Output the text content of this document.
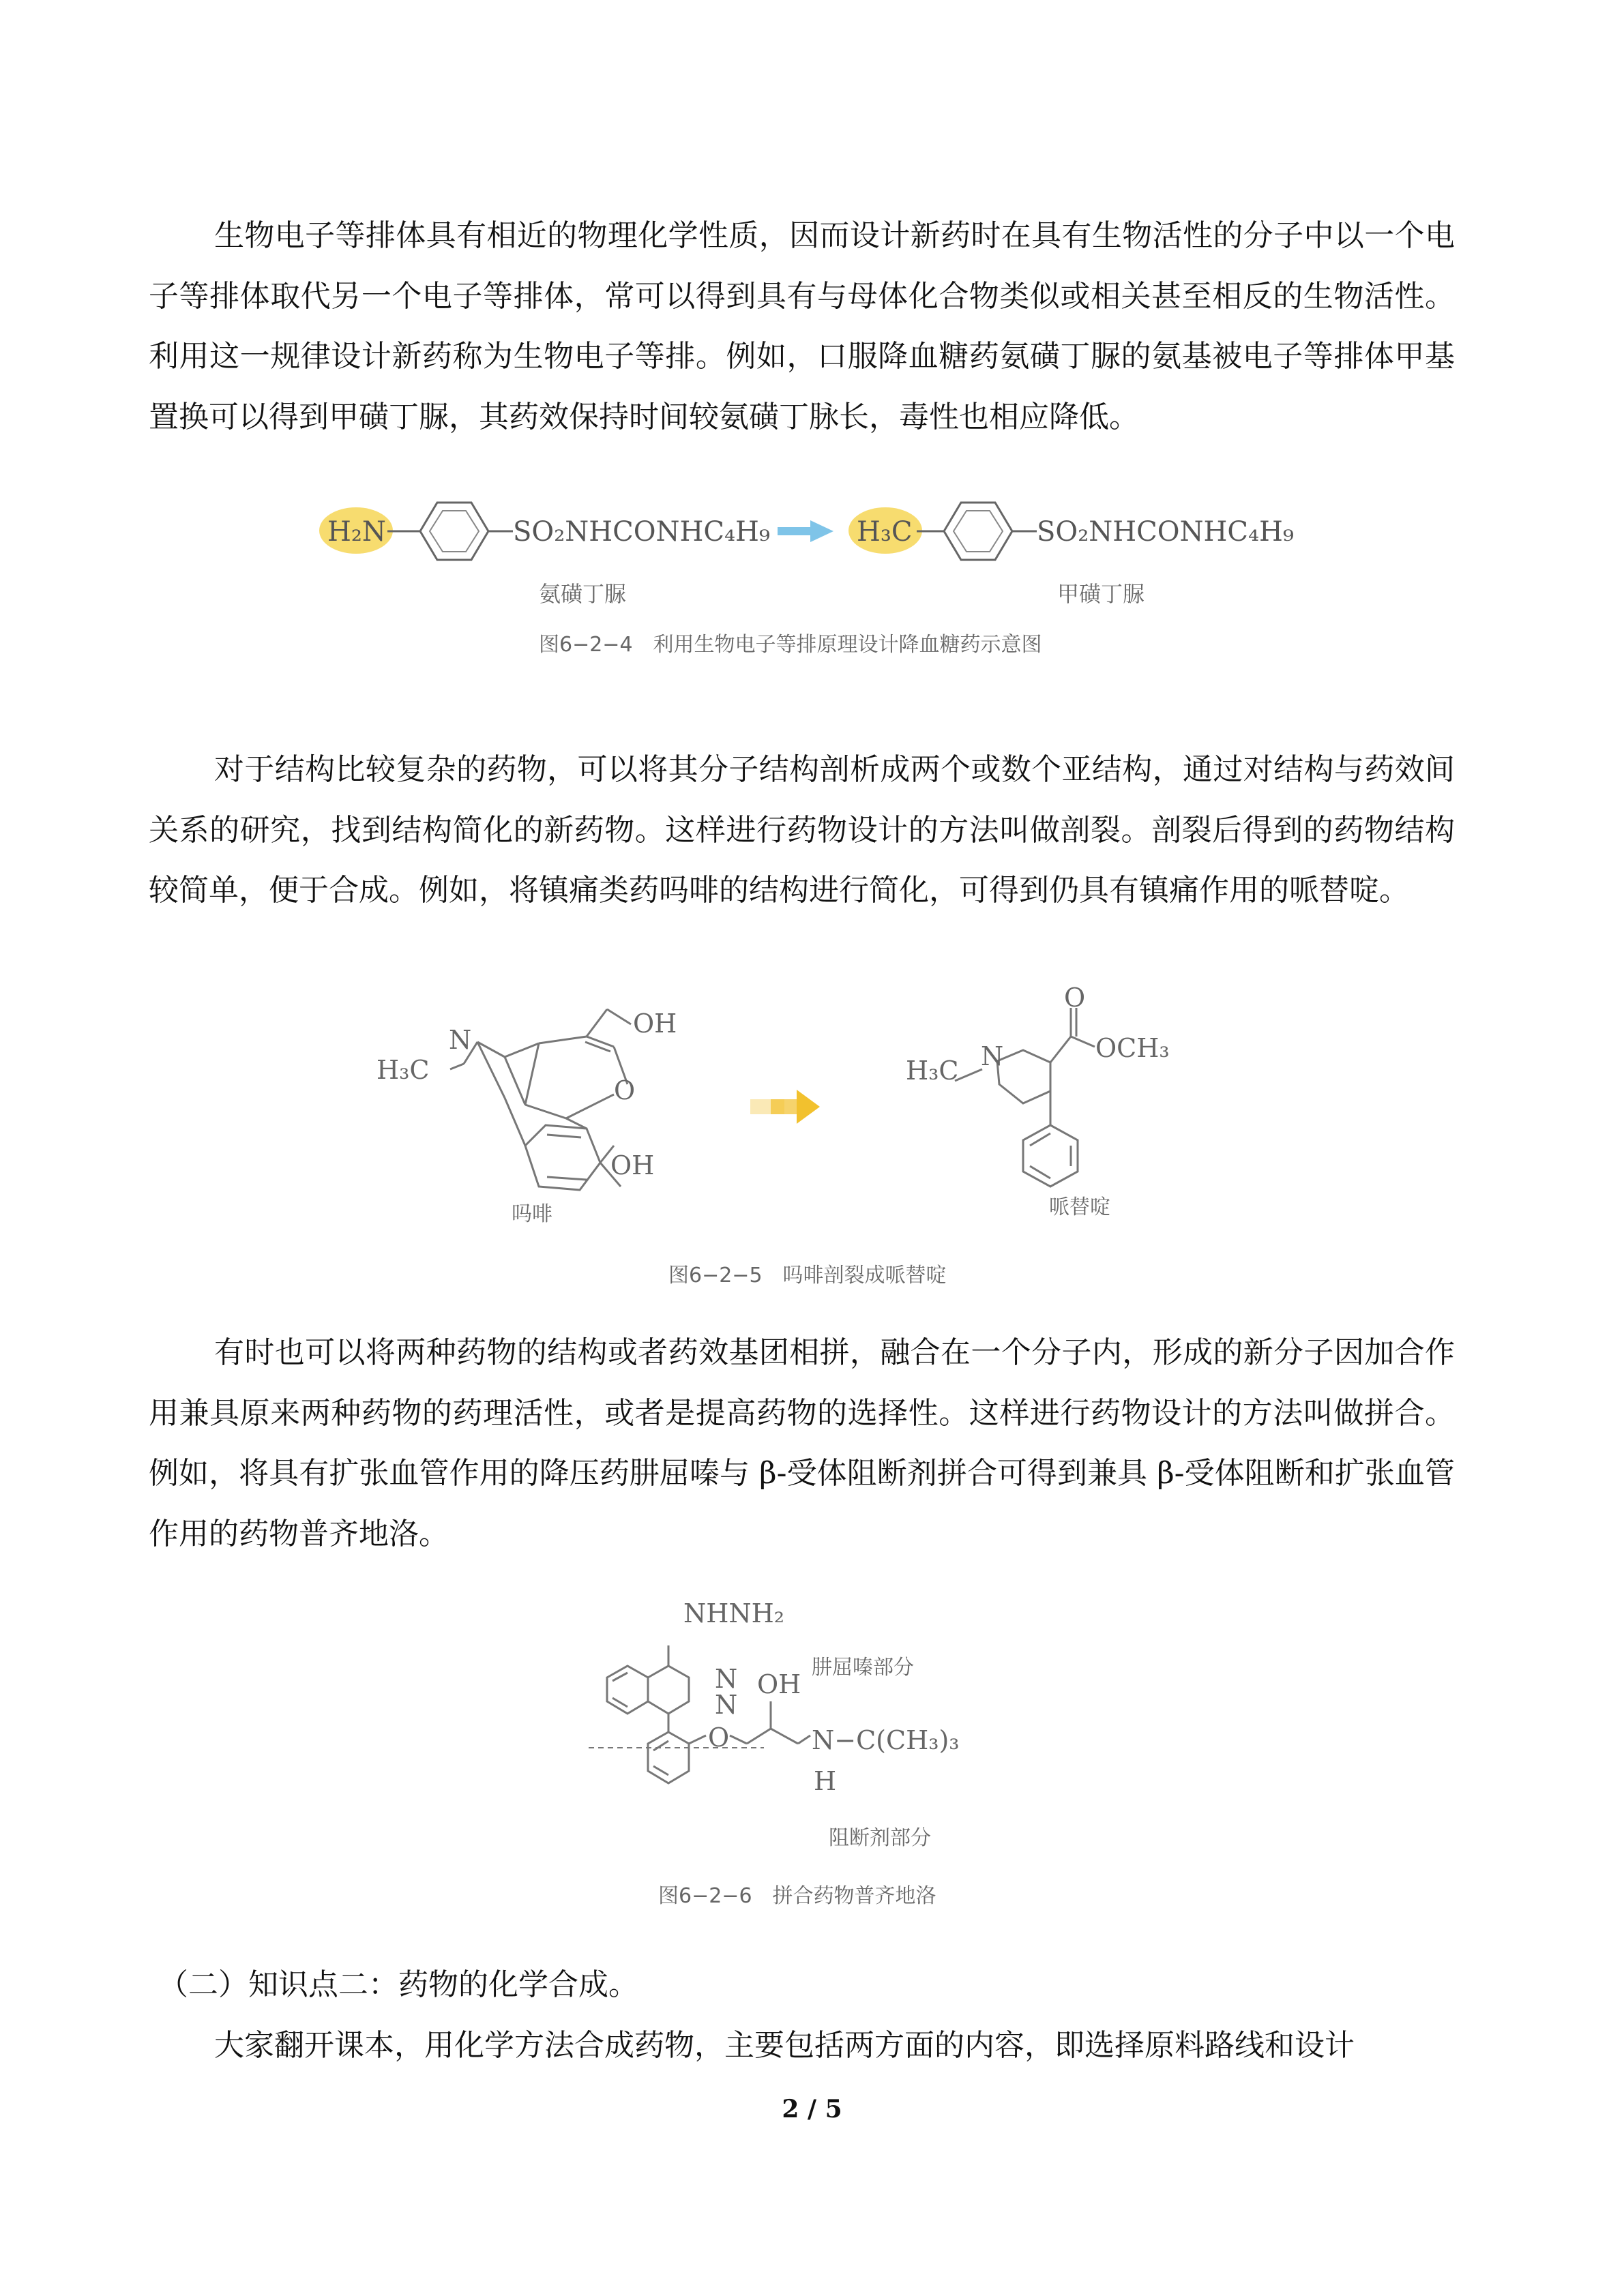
生物电子等排体具有相近的物理化学性质，因而设计新药时在具有生物活性的分子中以一个电子等排体取代另一个电子等排体，常可以得到具有与母体化合物类似或相关甚至相反的生物活性。利用这一规律设计新药称为生物电子等排。例如，口服降血糖药氨磺丁脲的氨基被电子等排体甲基置换可以得到甲磺丁脲，其药效保持时间较氨磺丁脉长，毒性也相应降低。

H₂N	SO₂NHCONHC₄H₉	H₃C	SO₂NHCONHC₄H₉
氨磺丁脲	甲磺丁脲
图6−2−4　利用生物电子等排原理设计降血糖药示意图

对于结构比较复杂的药物，可以将其分子结构剖析成两个或数个亚结构，通过对结构与药效间关系的研究，找到结构简化的新药物。这样进行药物设计的方法叫做剖裂。剖裂后得到的药物结构较简单，便于合成。例如，将镇痛类药吗啡的结构进行简化，可得到仍具有镇痛作用的哌替啶。

H₃C
N
OH
O
OH
吗啡
H₃C N
O
OCH₃
哌替啶
图6−2−5　吗啡剖裂成哌替啶

有时也可以将两种药物的结构或者药效基团相拼，融合在一个分子内，形成的新分子因加合作用兼具原来两种药物的药理活性，或者是提高药物的选择性。这样进行药物设计的方法叫做拼合。例如，将具有扩张血管作用的降压药肼屈嗪与 β-受体阻断剂拼合可得到兼具 β-受体阻断和扩张血管作用的药物普齐地洛。

NHNH₂
N
N
肼屈嗪部分
OH
O	N−C(CH₃)₃
H
阻断剂部分
图6−2−6　拼合药物普齐地洛

（二）知识点二：药物的化学合成。

大家翻开课本，用化学方法合成药物，主要包括两方面的内容，即选择原料路线和设计

2 / 5
